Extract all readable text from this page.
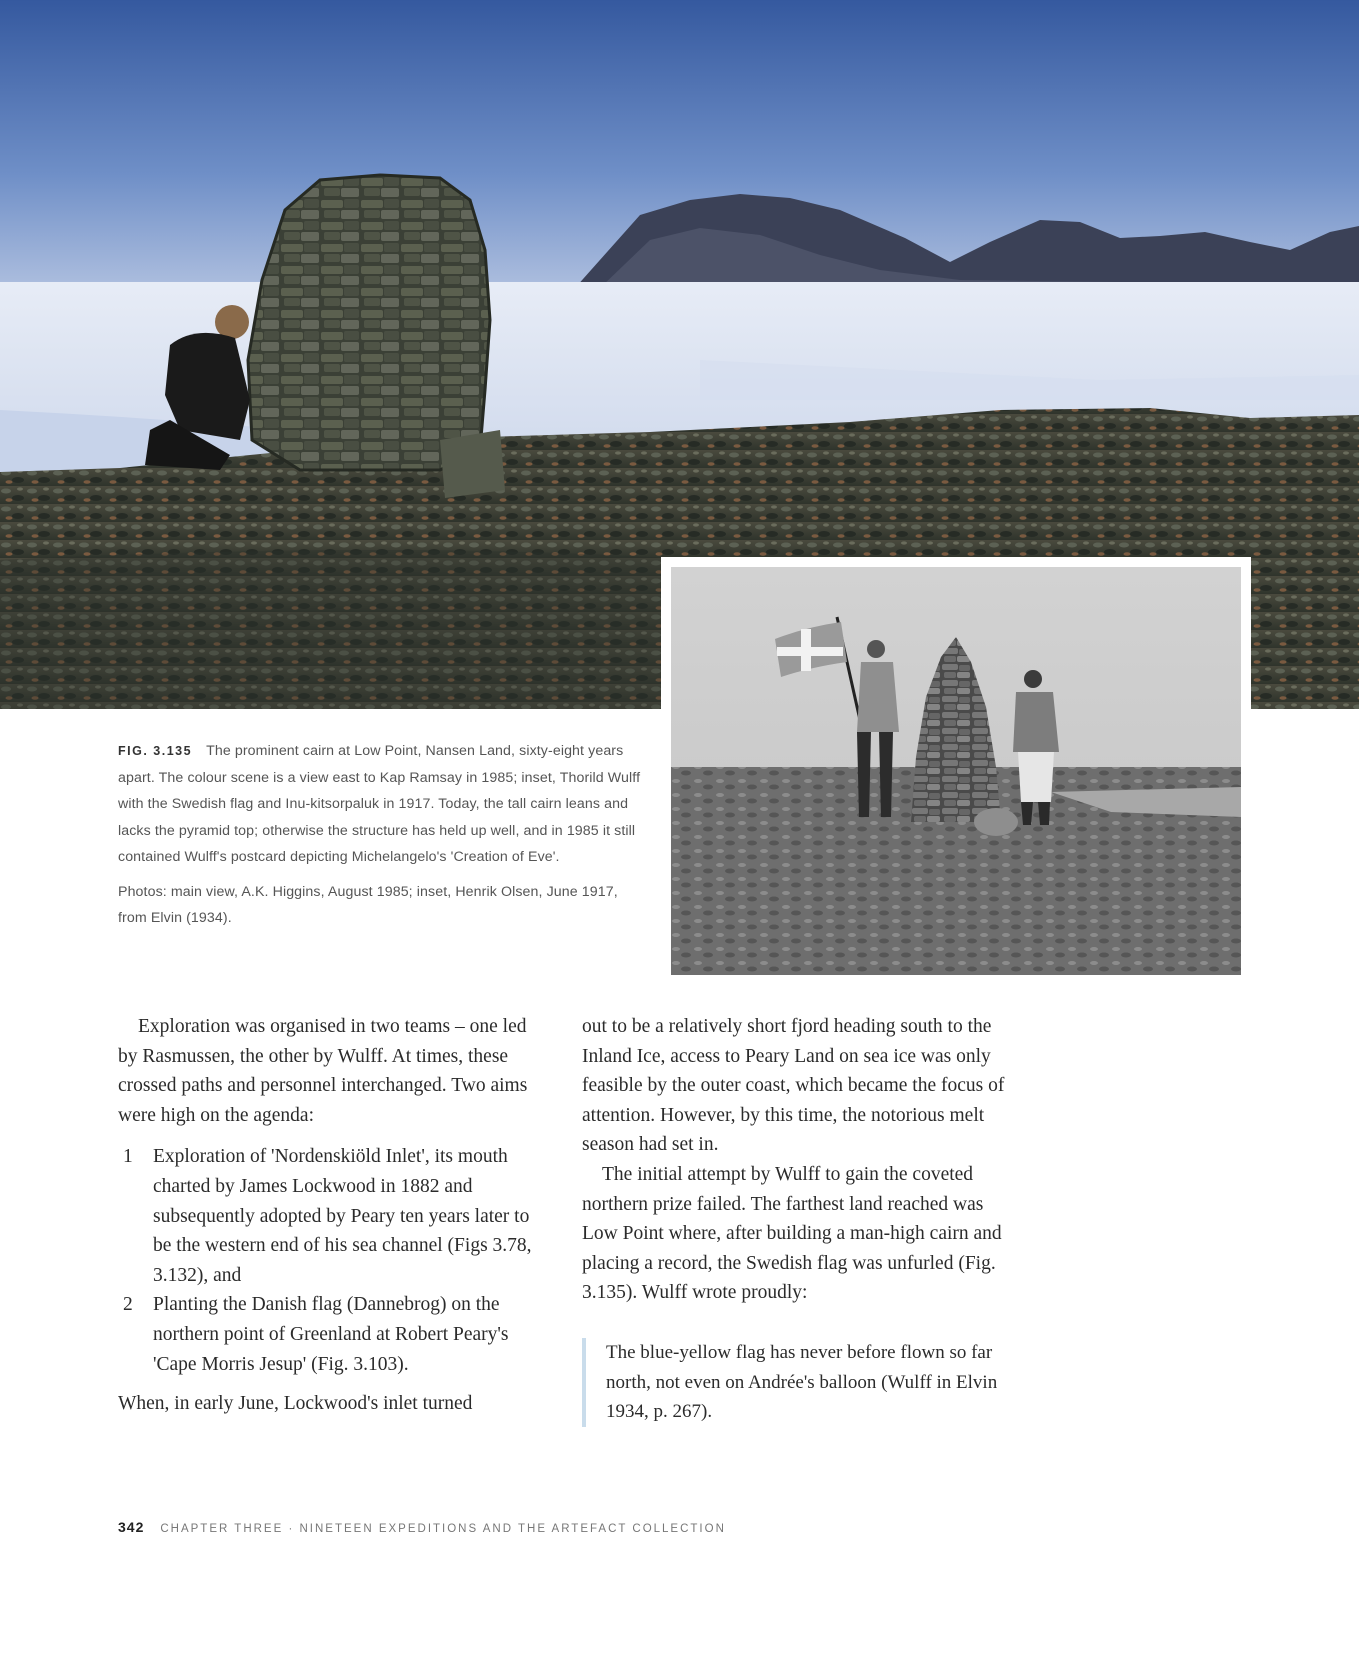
FIG. 3.135 The prominent cairn at Low Point, Nansen Land, sixty-eight years apart. The colour scene is a view east to Kap Ramsay in 1985; inset, Thorild Wulff with the Swedish flag and Inu-kitsorpaluk in 1917. Today, the tall cairn leans and lacks the pyramid top; otherwise the structure has held up well, and in 1985 it still contained Wulff's postcard depicting Michelangelo's 'Creation of Eve'.

Photos: main view, A.K. Higgins, August 1985; inset, Henrik Olsen, June 1917, from Elvin (1934).

Exploration was organised in two teams – one led by Rasmussen, the other by Wulff. At times, these crossed paths and personnel interchanged. Two aims were high on the agenda:

1	Exploration of 'Nordenskiöld Inlet', its mouth charted by James Lockwood in 1882 and subsequently adopted by Peary ten years later to be the western end of his sea channel (Figs 3.78, 3.132), and
2	Planting the Danish flag (Dannebrog) on the northern point of Greenland at Robert Peary's 'Cape Morris Jesup' (Fig. 3.103).

When, in early June, Lockwood's inlet turned

out to be a relatively short fjord heading south to the Inland Ice, access to Peary Land on sea ice was only feasible by the outer coast, which became the focus of attention. However, by this time, the notorious melt season had set in.

The initial attempt by Wulff to gain the coveted northern prize failed. The farthest land reached was Low Point where, after building a man-high cairn and placing a record, the Swedish flag was unfurled (Fig. 3.135). Wulff wrote proudly:

The blue-yellow flag has never before flown so far north, not even on Andrée's balloon (Wulff in Elvin 1934, p. 267).
342 CHAPTER THREE · NINETEEN EXPEDITIONS AND THE ARTEFACT COLLECTION
